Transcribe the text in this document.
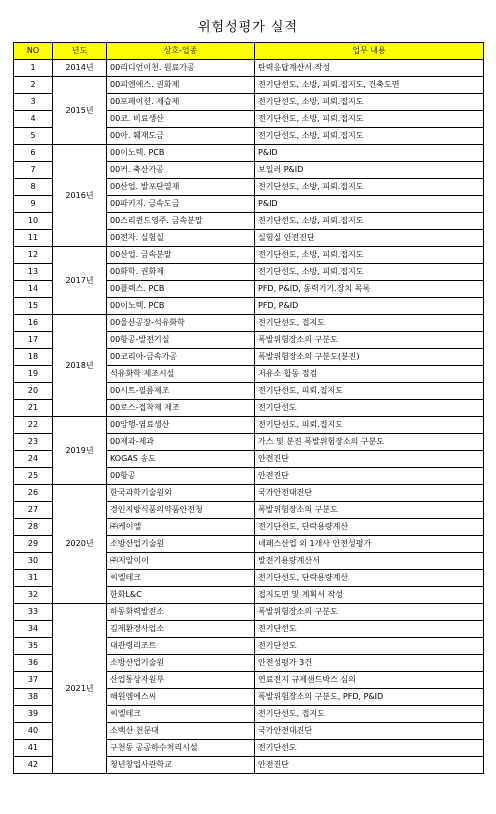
위험성평가 실적
NO	년도	상호-업종	업무 내용
1	2014년	00리디언이천. 원료가공	탄력응답계산서 작성
2	2015년	00피엔에스. 권화제	전기단선도, 소방, 피뢰.접지도, 건축도면
3		00포페이션. 제습제	전기단선도, 소방, 피뢰.접지도
4		00코. 비료생산	전기단선도, 소방, 피뢰.접지도
5		00아. 훼재도금	전기단선도, 소방, 피뢰.접지도
6	2016년	00이노텍. PCB	P&ID
7		00커. 축산가공	보일러 P&ID
8		00산업. 발포단열재	전기단선도, 소방, 피뢰.접지도
9		00파키지. 금속도금	P&ID
10		00스리퀸드영주. 금속분말	전기단선도, 소방, 피뢰.접지도
11		00전자. 실험실	실험실 안전진단
12	2017년	00산업. 금속분말	전기단선도, 소방, 피뢰.접지도
13		00화학. 권화제	전기단선도, 소방, 피뢰.접지도
14		00플렉스. PCB	PFD, P&ID, 동력기기.장치 목록
15		00이노텍. PCB	PFD, P&ID
16	2018년	00울산공장-석유화학	전기단선도, 접지도
17		00항공-발전기실	폭발위험장소의 구분도
18		00코리아-금속가공	폭발위험장소의 구분도(분진)
19		석유화학 제조시설	저유소 합동 점검
20		00시트-필름제조	전기단선도, 피뢰.접지도
21		00로스-접착제 제조	전기단선도
22	2019년	00앙행-염료생산	전기단선도, 피뢰.접지도
23		00제과-제과	가스 및 분진 폭발위험장소의 구분도
24		KOGAS 송도	안전진단
25		00항공	안전진단
26	2020년	한국과학기술원외	국가안전대진단
27		경인지방식품의약품안전청	폭발위험장소의 구분도
28		㈜케이엘	전기단선도, 단락용량계산
29		소방산업기술원	네패스산업 외 1개사 안전성평가
30		㈜지알이이	발전기용량계산서
31		씨엘테크	전기단선도, 단락용량계산
32		한화L&C	접지도면 및 계획서 작성
33	2021년	하동화력발전소	폭발위험장소의 구분도
34		김제환경사업소	전기단선도
35		대관령리조트	전기단선도
36		소방산업기술원	안전성평가 3건
37		산업통상자원부	연료전지 규제샌드박스 심의
38		해원엠에스씨	폭발위험장소의 구분도, PFD, P&ID
39		씨엘테크	전기단선도, 접지도
40		소백산 천문대	국가안전대진단
41		구천동 공공하수처리시설	전기단선도
42		청년창업사관학교	안전진단
